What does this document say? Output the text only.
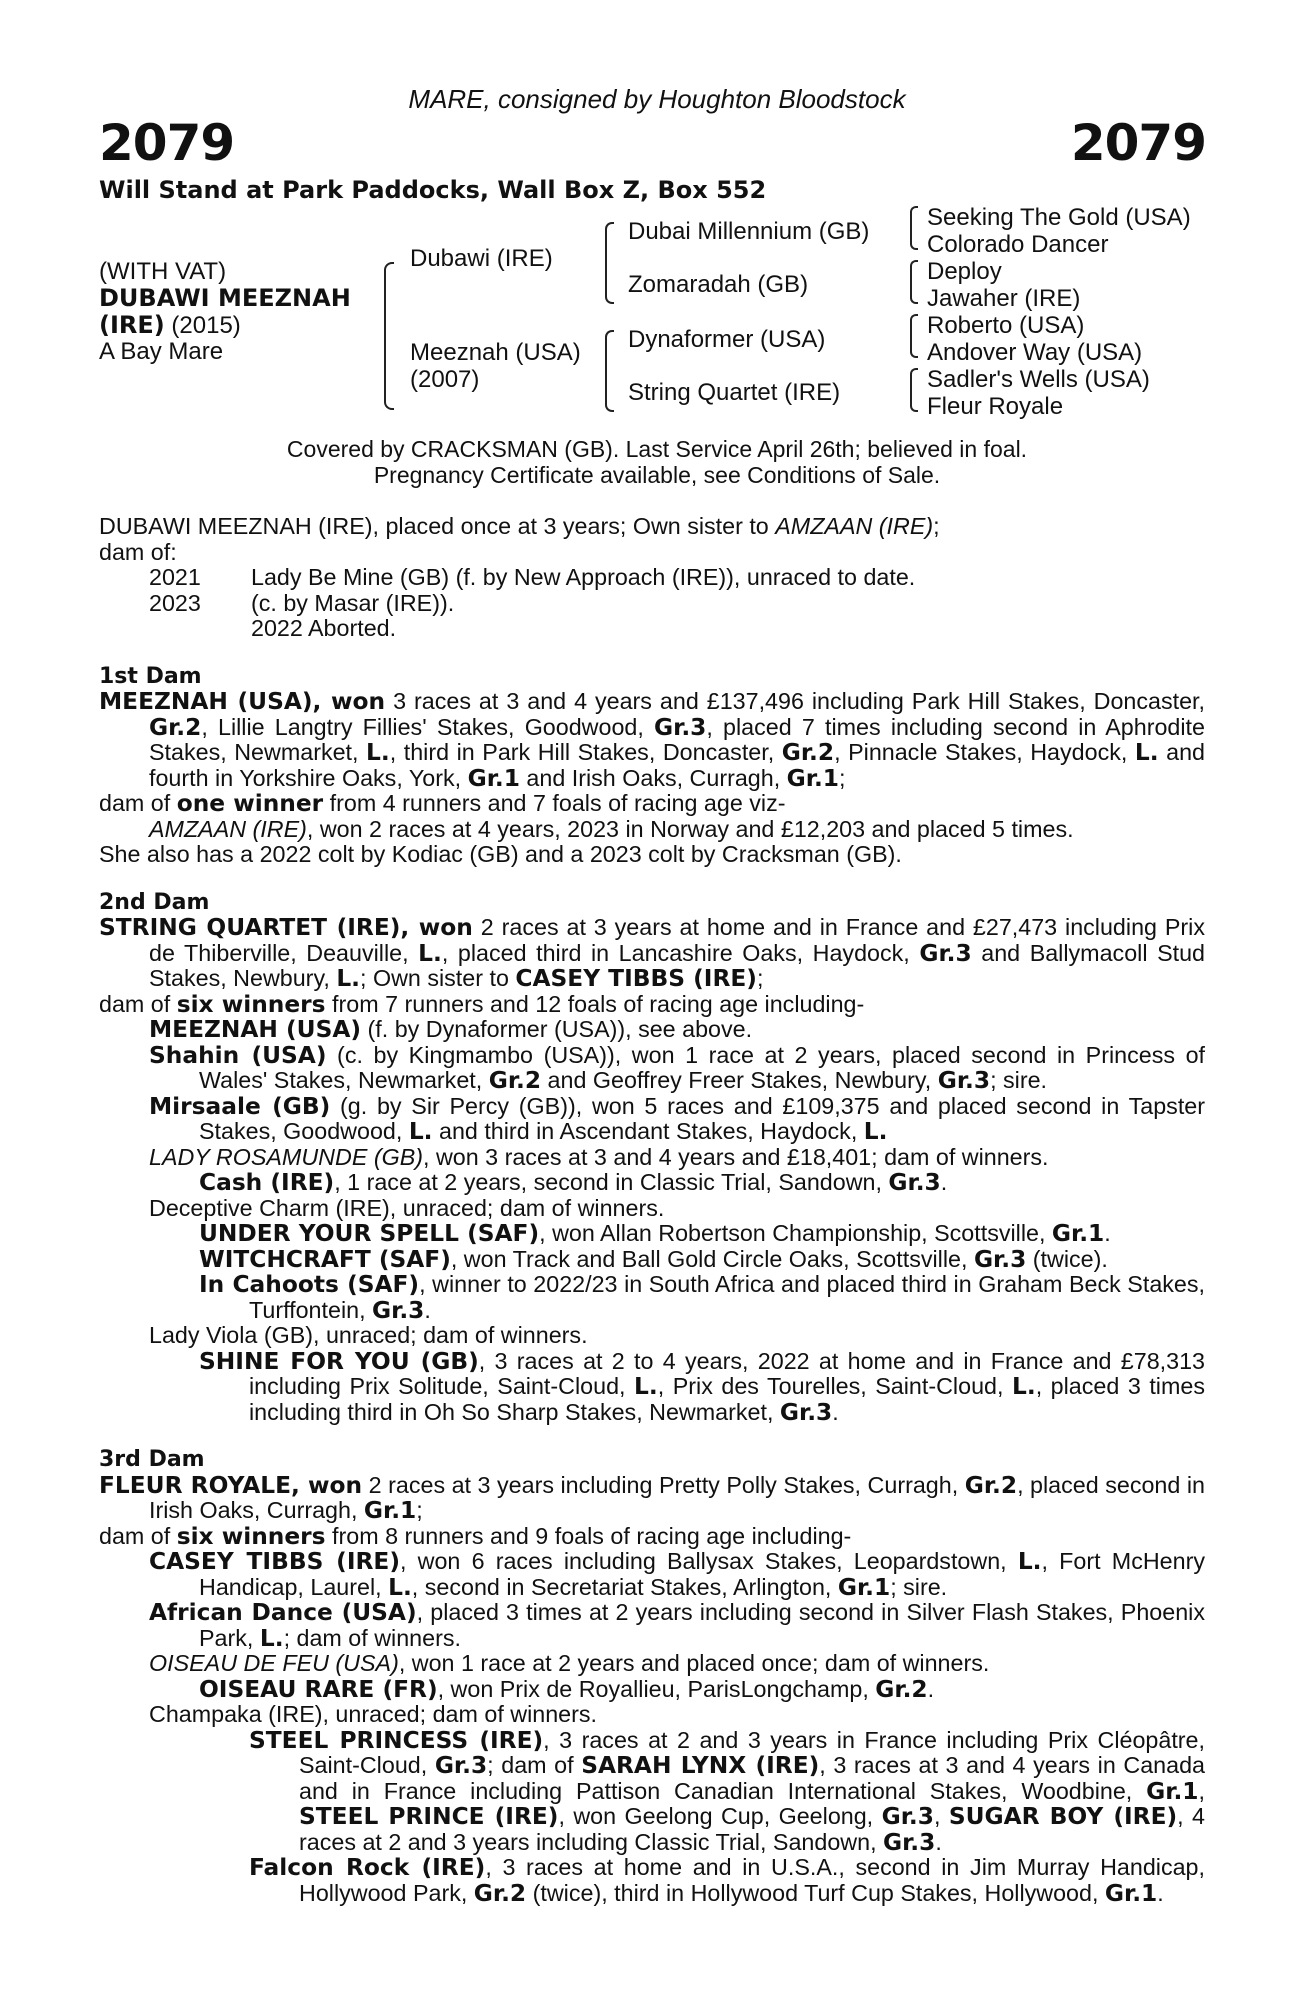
MARE, consigned by Houghton Bloodstock
2079	2079
Will Stand at Park Paddocks, Wall Box Z, Box 552
(WITH VAT)
DUBAWI MEEZNAH
(IRE) (2015)
A Bay Mare
Dubawi (IRE)
Meeznah (USA)
(2007)
Dubai Millennium (GB)
Zomaradah (GB)
Dynaformer (USA)
String Quartet (IRE)
Seeking The Gold (USA)
Colorado Dancer
Deploy
Jawaher (IRE)
Roberto (USA)
Andover Way (USA)
Sadler's Wells (USA)
Fleur Royale
Covered by CRACKSMAN (GB). Last Service April 26th; believed in foal.
Pregnancy Certificate available, see Conditions of Sale.

DUBAWI MEEZNAH (IRE), placed once at 3 years; Own sister to AMZAAN (IRE);

dam of:

2021 Lady Be Mine (GB) (f. by New Approach (IRE)), unraced to date.

2023 (c. by Masar (IRE)).

2022 Aborted.

1st Dam

MEEZNAH (USA), won 3 races at 3 and 4 years and £137,496 including Park Hill Stakes, Doncaster, Gr.2, Lillie Langtry Fillies' Stakes, Goodwood, Gr.3, placed 7 times including second in Aphrodite Stakes, Newmarket, L., third in Park Hill Stakes, Doncaster, Gr.2, Pinnacle Stakes, Haydock, L. and fourth in Yorkshire Oaks, York, Gr.1 and Irish Oaks, Curragh, Gr.1;

dam of one winner from 4 runners and 7 foals of racing age viz-

AMZAAN (IRE), won 2 races at 4 years, 2023 in Norway and £12,203 and placed 5 times.

She also has a 2022 colt by Kodiac (GB) and a 2023 colt by Cracksman (GB).

2nd Dam

STRING QUARTET (IRE), won 2 races at 3 years at home and in France and £27,473 including Prix de Thiberville, Deauville, L., placed third in Lancashire Oaks, Haydock, Gr.3 and Ballymacoll Stud Stakes, Newbury, L.; Own sister to CASEY TIBBS (IRE);

dam of six winners from 7 runners and 12 foals of racing age including-

MEEZNAH (USA) (f. by Dynaformer (USA)), see above.

Shahin (USA) (c. by Kingmambo (USA)), won 1 race at 2 years, placed second in Princess of Wales' Stakes, Newmarket, Gr.2 and Geoffrey Freer Stakes, Newbury, Gr.3; sire.

Mirsaale (GB) (g. by Sir Percy (GB)), won 5 races and £109,375 and placed second in Tapster Stakes, Goodwood, L. and third in Ascendant Stakes, Haydock, L.

LADY ROSAMUNDE (GB), won 3 races at 3 and 4 years and £18,401; dam of winners.

Cash (IRE), 1 race at 2 years, second in Classic Trial, Sandown, Gr.3.

Deceptive Charm (IRE), unraced; dam of winners.

UNDER YOUR SPELL (SAF), won Allan Robertson Championship, Scottsville, Gr.1.

WITCHCRAFT (SAF), won Track and Ball Gold Circle Oaks, Scottsville, Gr.3 (twice).

In Cahoots (SAF), winner to 2022/23 in South Africa and placed third in Graham Beck Stakes, Turffontein, Gr.3.

Lady Viola (GB), unraced; dam of winners.

SHINE FOR YOU (GB), 3 races at 2 to 4 years, 2022 at home and in France and £78,313 including Prix Solitude, Saint-Cloud, L., Prix des Tourelles, Saint-Cloud, L., placed 3 times including third in Oh So Sharp Stakes, Newmarket, Gr.3.

3rd Dam

FLEUR ROYALE, won 2 races at 3 years including Pretty Polly Stakes, Curragh, Gr.2, placed second in Irish Oaks, Curragh, Gr.1;

dam of six winners from 8 runners and 9 foals of racing age including-

CASEY TIBBS (IRE), won 6 races including Ballysax Stakes, Leopardstown, L., Fort McHenry Handicap, Laurel, L., second in Secretariat Stakes, Arlington, Gr.1; sire.

African Dance (USA), placed 3 times at 2 years including second in Silver Flash Stakes, Phoenix Park, L.; dam of winners.

OISEAU DE FEU (USA), won 1 race at 2 years and placed once; dam of winners.

OISEAU RARE (FR), won Prix de Royallieu, ParisLongchamp, Gr.2.

Champaka (IRE), unraced; dam of winners.

STEEL PRINCESS (IRE), 3 races at 2 and 3 years in France including Prix Cléopâtre, Saint-Cloud, Gr.3; dam of SARAH LYNX (IRE), 3 races at 3 and 4 years in Canada and in France including Pattison Canadian International Stakes, Woodbine, Gr.1, STEEL PRINCE (IRE), won Geelong Cup, Geelong, Gr.3, SUGAR BOY (IRE), 4 races at 2 and 3 years including Classic Trial, Sandown, Gr.3.

Falcon Rock (IRE), 3 races at home and in U.S.A., second in Jim Murray Handicap, Hollywood Park, Gr.2 (twice), third in Hollywood Turf Cup Stakes, Hollywood, Gr.1.
